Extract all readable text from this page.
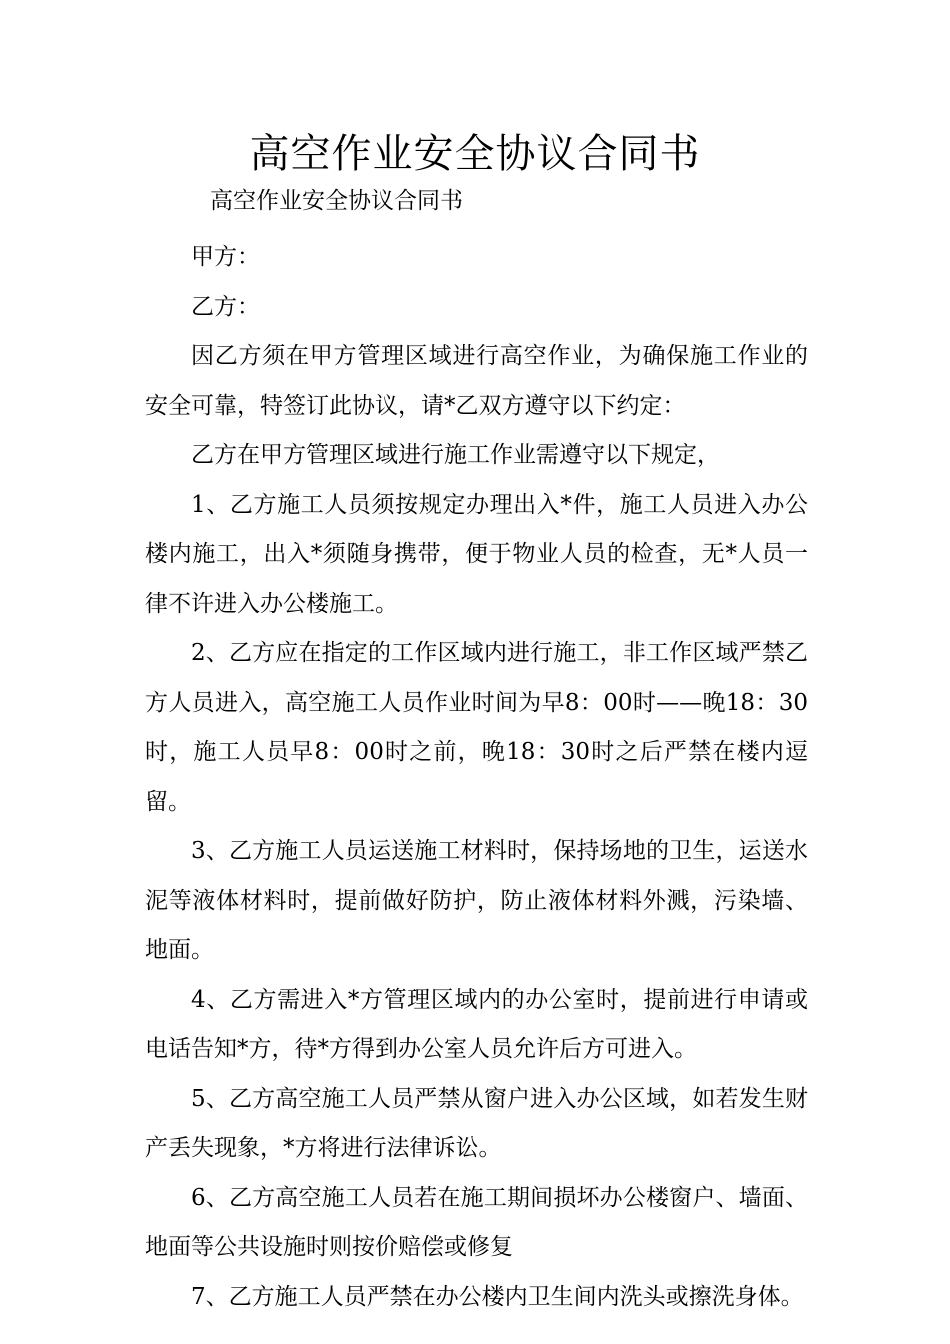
高空作业安全协议合同书
高空作业安全协议合同书

甲方：

乙方：

因乙方须在甲方管理区域进行高空作业，为确保施工作业的安全可靠，特签订此协议，请*乙双方遵守以下约定：

乙方在甲方管理区域进行施工作业需遵守以下规定，

1、乙方施工人员须按规定办理出入*件，施工人员进入办公楼内施工，出入*须随身携带，便于物业人员的检查，无*人员一律不许进入办公楼施工。

2、乙方应在指定的工作区域内进行施工，非工作区域严禁乙方人员进入，高空施工人员作业时间为早8：00时——晚18：30时，施工人员早8：00时之前，晚18：30时之后严禁在楼内逗留。

3、乙方施工人员运送施工材料时，保持场地的卫生，运送水泥等液体材料时，提前做好防护，防止液体材料外溅，污染墙、地面。

4、乙方需进入*方管理区域内的办公室时，提前进行申请或电话告知*方，待*方得到办公室人员允许后方可进入。

5、乙方高空施工人员严禁从窗户进入办公区域，如若发生财产丢失现象，*方将进行法律诉讼。

6、乙方高空施工人员若在施工期间损坏办公楼窗户、墙面、地面等公共设施时则按价赔偿或修复

7、乙方施工人员严禁在办公楼内卫生间内洗头或擦洗身体。
